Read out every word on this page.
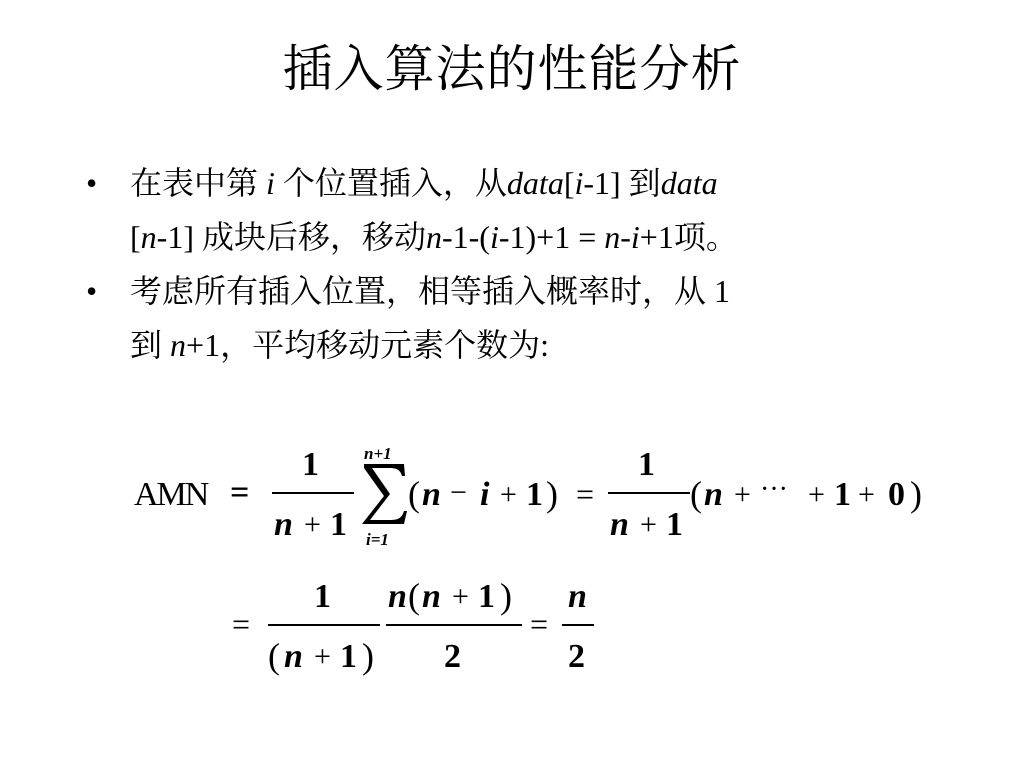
插入算法的性能分析
• 在表中第 i 个位置插入，从data[i-1] 到data
[n-1] 成块后移，移动n-1-(i-1)+1 = n-i+1项。
• 考虑所有插入位置，相等插入概率时，从 1
到 n+1，平均移动元素个数为:
AMN =
1
n + 1
n+1
i=1
( n − i + 1 ) =
1
n + 1
( n + ··· + 1 + 0 )
=
1
( n + 1 )
n ( n + 1 )
2
=
n
2
